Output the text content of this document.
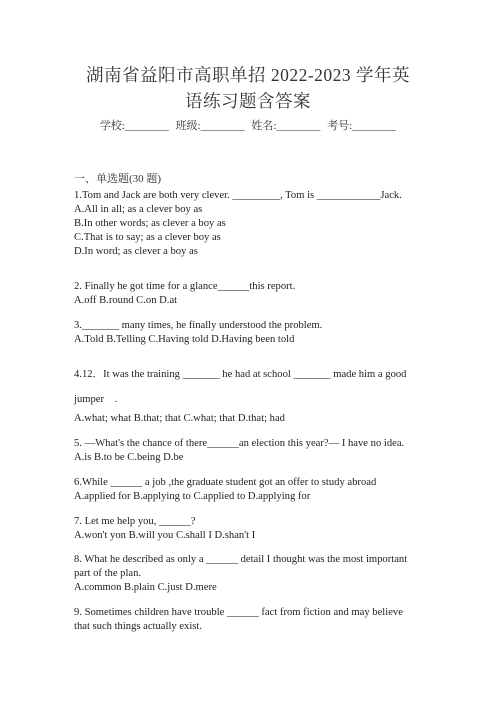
湖南省益阳市高职单招 2022-2023 学年英
语练习题含答案
学校:________ 班级:________ 姓名:________ 考号:________
一、单选题(30 题)
1.Tom and Jack are both very clever. _________, Tom is ____________Jack.
A.All in all; as a clever boy as
B.In other words; as clever a boy as
C.That is to say; as a clever boy as
D.In word; as clever a boy as
2. Finally he got time for a glance______this report.
A.off B.round C.on D.at
3._______ many times, he finally understood the problem.
A.Told B.Telling C.Having told D.Having been told
4.12．It was the training _______ he had at school _______ made him a good
jumper　.
A.what; what B.that; that C.what; that D.that; had
5. —What's the chance of there______an election this year?— I have no idea.
A.is B.to be C.being D.be
6.While ______ a job ,the graduate student got an offer to study abroad
A.applied for B.applying to C.applied to D.applying for
7. Let me help you, ______?
A.won't yon B.will you C.shall I D.shan't I
8. What he described as only a ______ detail I thought was the most important
part of the plan.
A.common B.plain C.just D.mere
9. Sometimes children have trouble ______ fact from fiction and may believe
that such things actually exist.
